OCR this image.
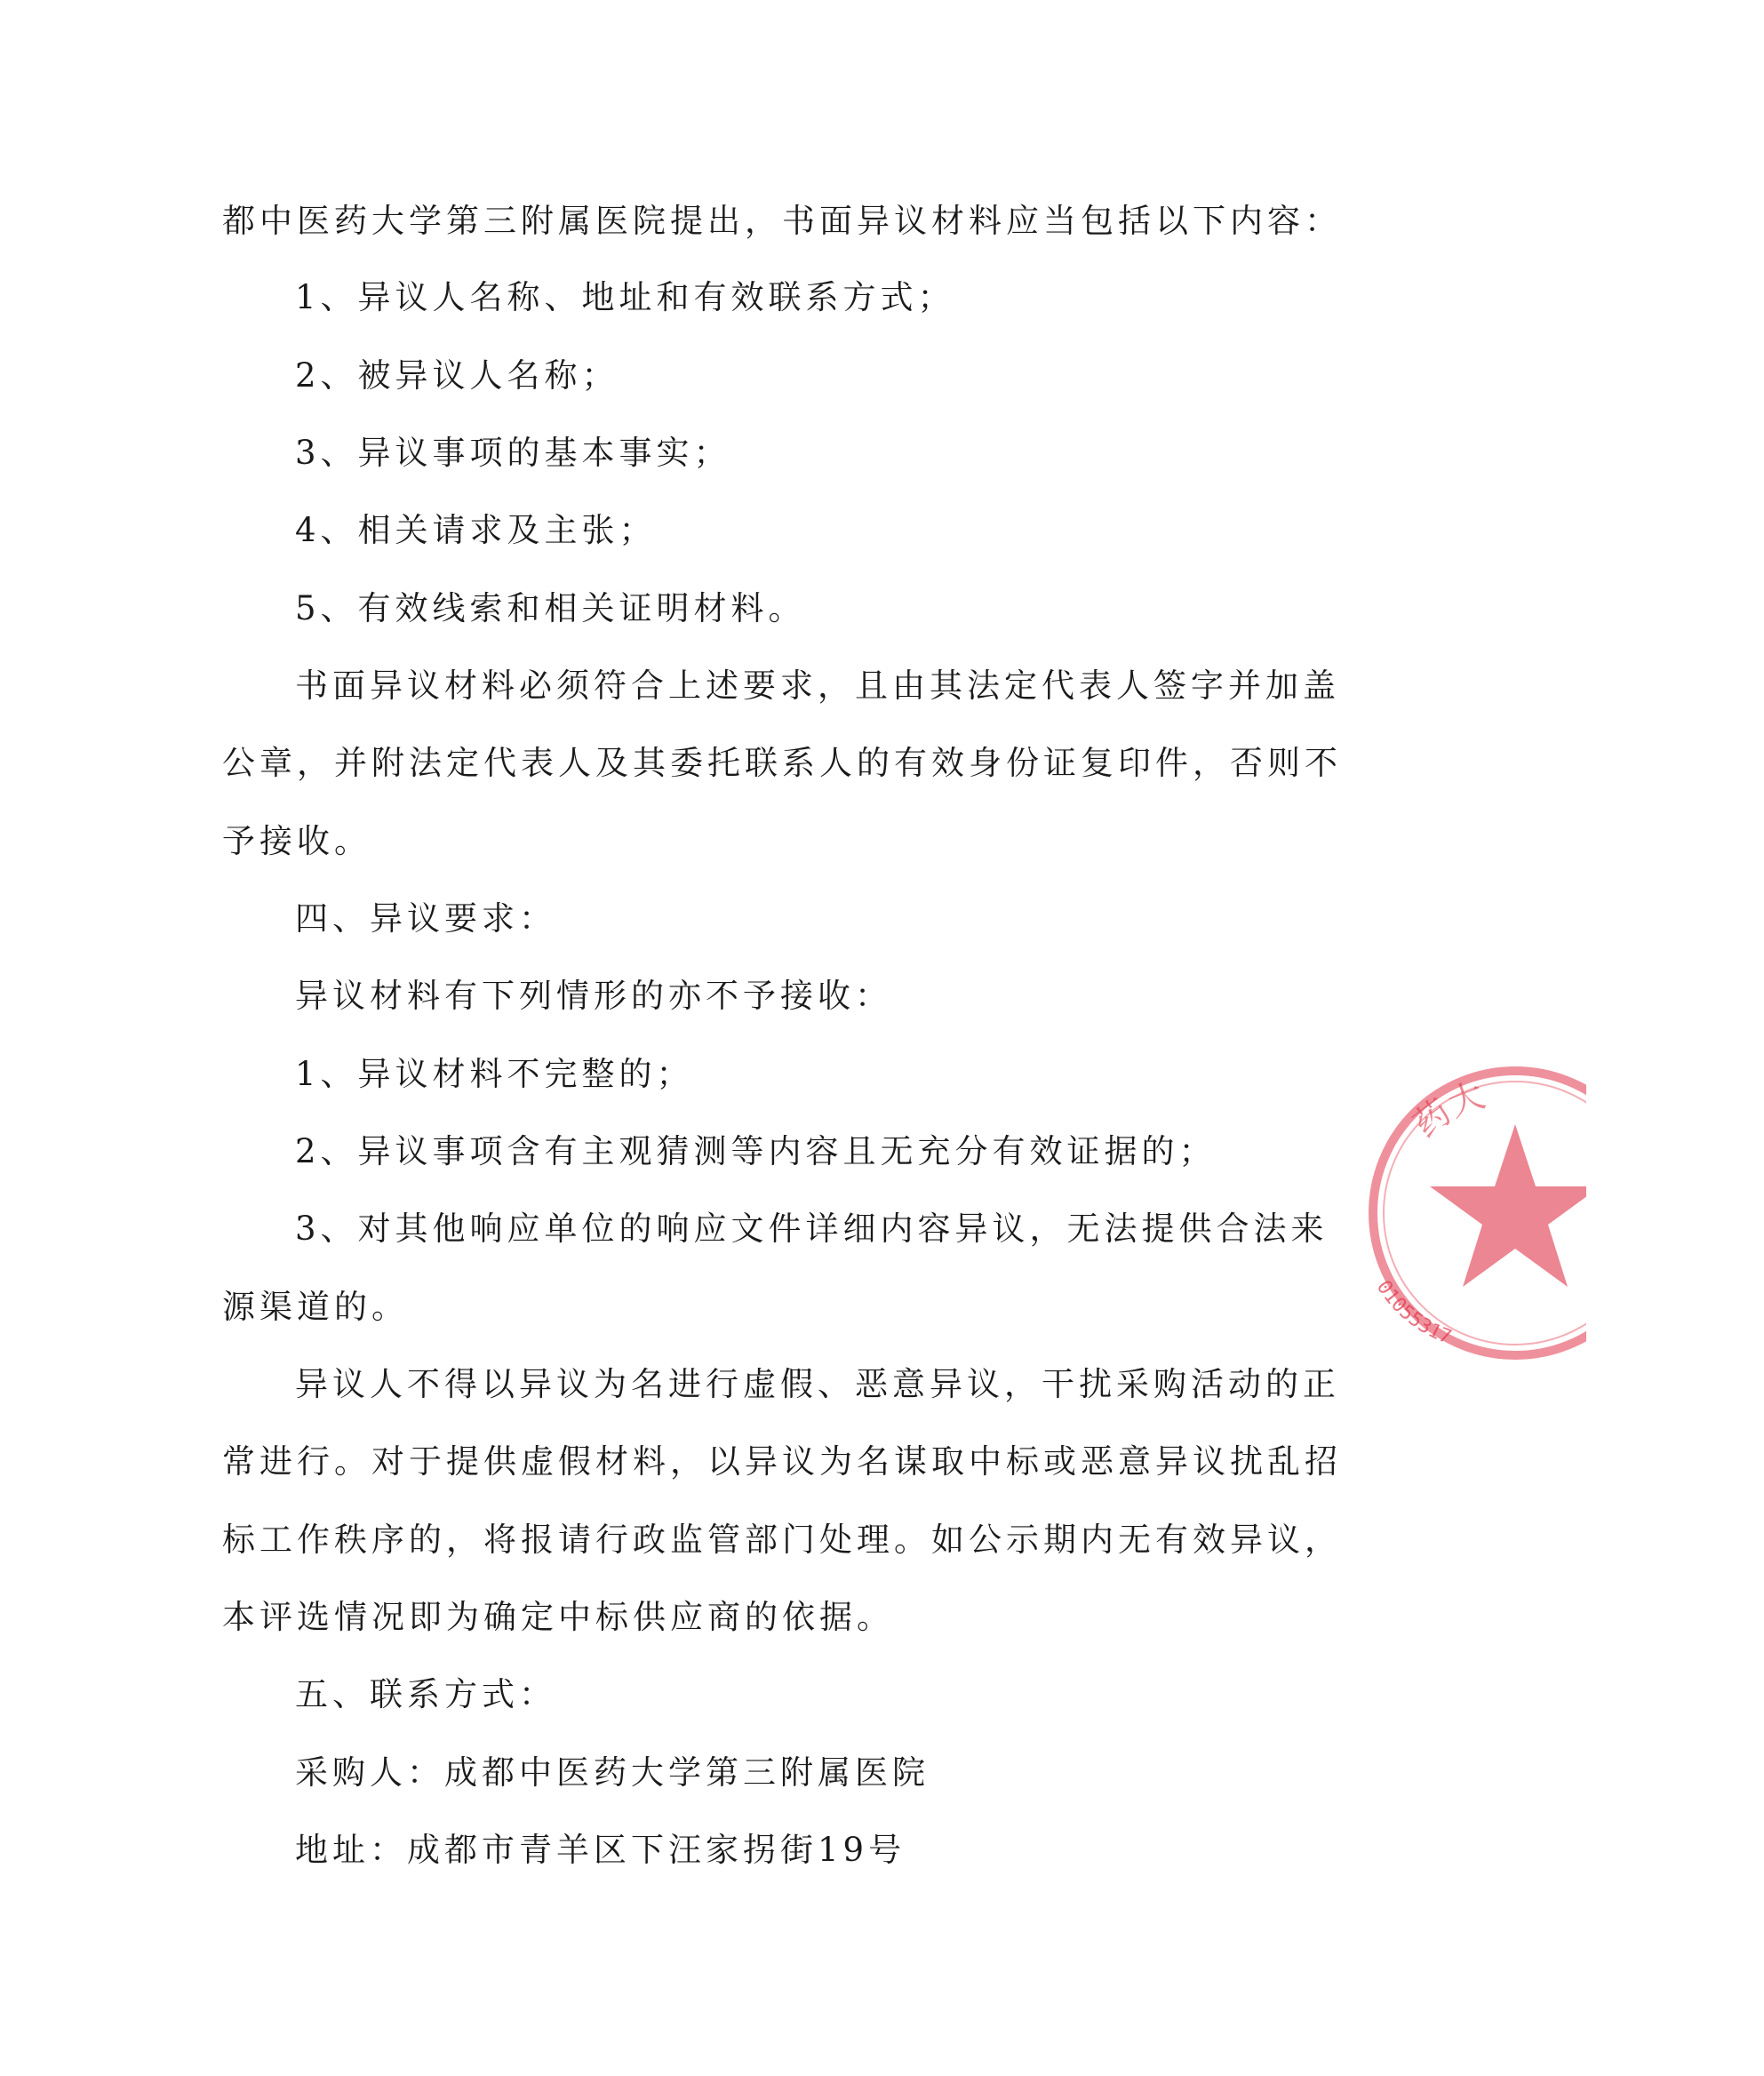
都中医药大学第三附属医院提出，书面异议材料应当包括以下内容：
1、异议人名称、地址和有效联系方式；
2、被异议人名称；
3、异议事项的基本事实；
4、相关请求及主张；
5、有效线索和相关证明材料。
书面异议材料必须符合上述要求，且由其法定代表人签字并加盖
公章，并附法定代表人及其委托联系人的有效身份证复印件，否则不
予接收。
四、异议要求：
异议材料有下列情形的亦不予接收：
1、异议材料不完整的；
2、异议事项含有主观猜测等内容且无充分有效证据的；
3、对其他响应单位的响应文件详细内容异议，无法提供合法来
源渠道的。
异议人不得以异议为名进行虚假、恶意异议，干扰采购活动的正
常进行。对于提供虚假材料，以异议为名谋取中标或恶意异议扰乱招
标工作秩序的，将报请行政监管部门处理。如公示期内无有效异议，
本评选情况即为确定中标供应商的依据。
五、联系方式：
采购人：成都中医药大学第三附属医院
地址：成都市青羊区下汪家拐街19号
药大
01055317
